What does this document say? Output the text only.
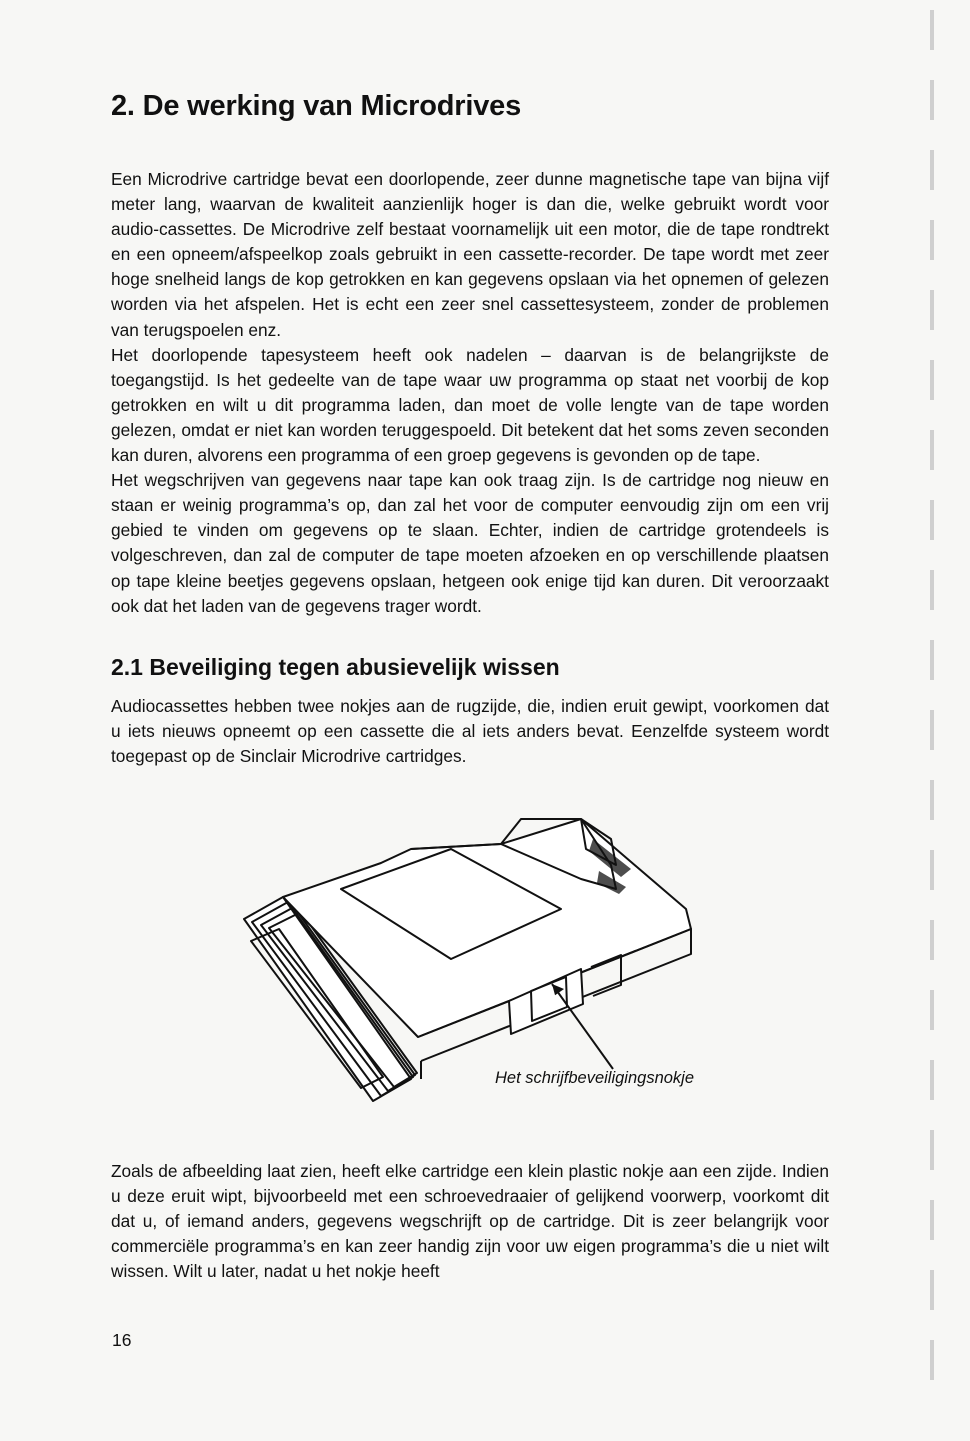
2. De werking van Microdrives

Een Microdrive cartridge bevat een doorlopende, zeer dunne magnetische tape van bijna vijf meter lang, waarvan de kwaliteit aanzienlijk hoger is dan die, welke gebruikt wordt voor audio-cassettes. De Microdrive zelf bestaat voornamelijk uit een motor, die de tape rondtrekt en een opneem/afspeelkop zoals gebruikt in een cassette-recorder. De tape wordt met zeer hoge snelheid langs de kop getrokken en kan gegevens opslaan via het opnemen of gelezen worden via het afspelen. Het is echt een zeer snel cassettesysteem, zonder de problemen van terugspoelen enz.

Het doorlopende tapesysteem heeft ook nadelen – daarvan is de belangrijkste de toegangstijd. Is het gedeelte van de tape waar uw programma op staat net voorbij de kop getrokken en wilt u dit programma laden, dan moet de volle lengte van de tape worden gelezen, omdat er niet kan worden teruggespoeld. Dit betekent dat het soms zeven seconden kan duren, alvorens een programma of een groep gegevens is gevonden op de tape.

Het wegschrijven van gegevens naar tape kan ook traag zijn. Is de cartridge nog nieuw en staan er weinig programma’s op, dan zal het voor de computer eenvoudig zijn om een vrij gebied te vinden om gegevens op te slaan. Echter, indien de cartridge grotendeels is volgeschreven, dan zal de computer de tape moeten afzoeken en op verschillende plaatsen op tape kleine beetjes gegevens opslaan, hetgeen ook enige tijd kan duren. Dit veroorzaakt ook dat het laden van de gegevens trager wordt.

2.1 Beveiliging tegen abusievelijk wissen

Audiocassettes hebben twee nokjes aan de rugzijde, die, indien eruit gewipt, voorkomen dat u iets nieuws opneemt op een cassette die al iets anders bevat. Eenzelfde systeem wordt toegepast op de Sinclair Microdrive cartridges.

Het schrijfbeveiligingsnokje

Zoals de afbeelding laat zien, heeft elke cartridge een klein plastic nokje aan een zijde. Indien u deze eruit wipt, bijvoorbeeld met een schroevedraaier of gelijkend voorwerp, voorkomt dit dat u, of iemand anders, gegevens wegschrijft op de cartridge. Dit is zeer belangrijk voor commerciële programma’s en kan zeer handig zijn voor uw eigen programma’s die u niet wilt wissen. Wilt u later, nadat u het nokje heeft

16
